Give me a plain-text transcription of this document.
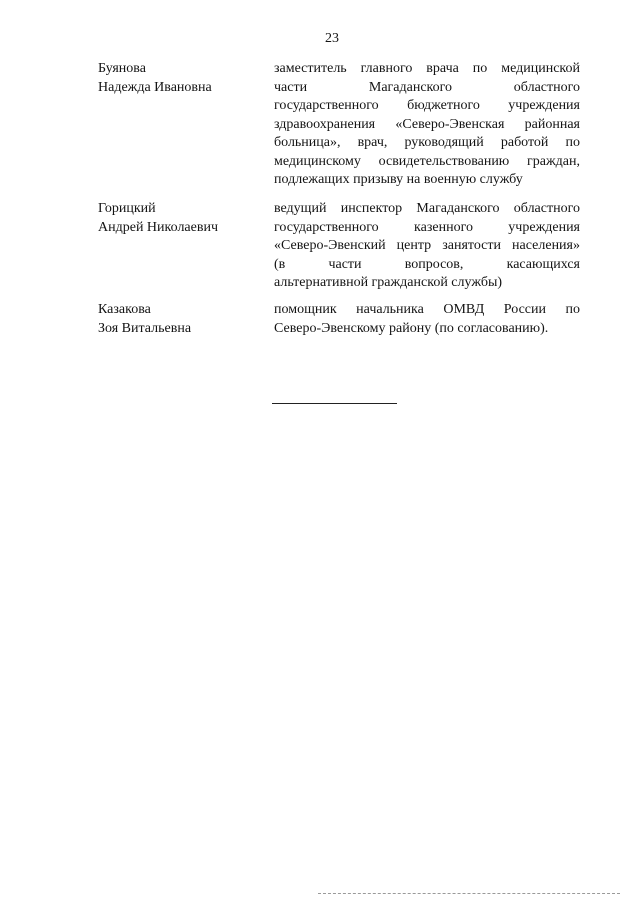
23
Буянова
Надежда Ивановна
заместитель главного врача по медицинской
части Магаданского областного
государственного бюджетного учреждения
здравоохранения «Северо-Эвенская районная
больница», врач, руководящий работой по
медицинскому освидетельствованию граждан,
подлежащих призыву на военную службу
Горицкий
Андрей Николаевич
ведущий инспектор Магаданского областного
государственного казенного учреждения
«Северо-Эвенский центр занятости населения»
(в части вопросов, касающихся
альтернативной гражданской службы)
Казакова
Зоя Витальевна
помощник начальника ОМВД России по
Северо-Эвенскому району (по согласованию).
